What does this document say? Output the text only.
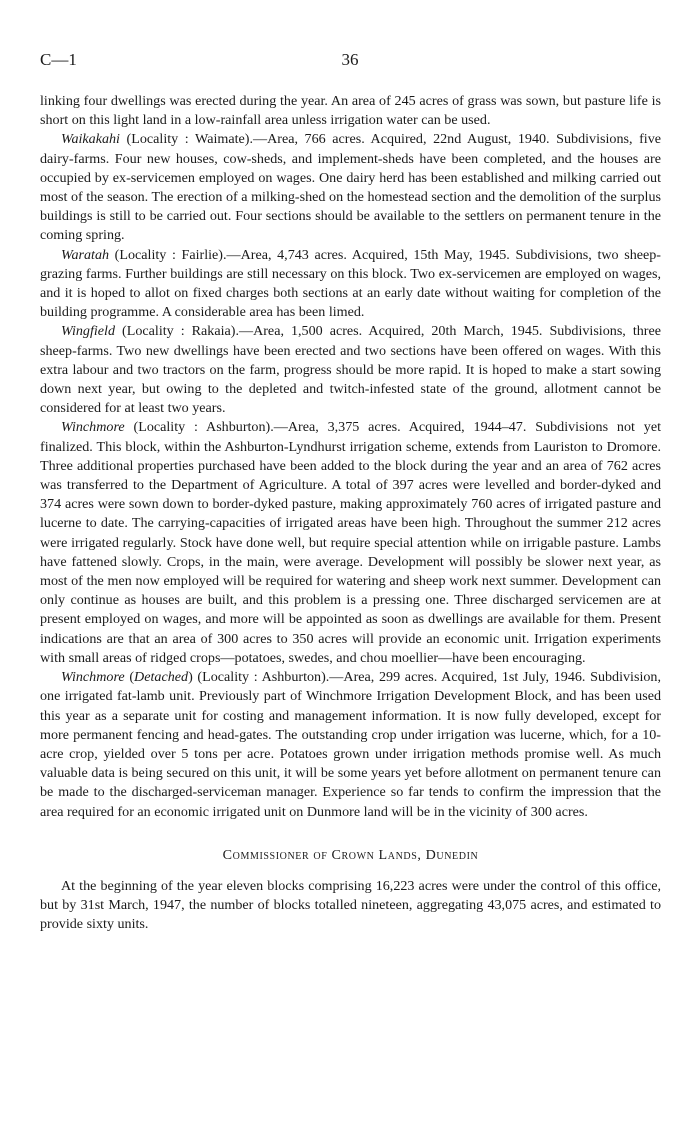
C—1	36

linking four dwellings was erected during the year. An area of 245 acres of grass was sown, but pasture life is short on this light land in a low-rainfall area unless irrigation water can be used.

Waikakahi (Locality : Waimate).—Area, 766 acres. Acquired, 22nd August, 1940. Subdivisions, five dairy-farms. Four new houses, cow-sheds, and implement-sheds have been completed, and the houses are occupied by ex-servicemen employed on wages. One dairy herd has been established and milking carried out most of the season. The erection of a milking-shed on the homestead section and the demolition of the surplus buildings is still to be carried out. Four sections should be available to the settlers on permanent tenure in the coming spring.

Waratah (Locality : Fairlie).—Area, 4,743 acres. Acquired, 15th May, 1945. Subdivisions, two sheep-grazing farms. Further buildings are still necessary on this block. Two ex-servicemen are employed on wages, and it is hoped to allot on fixed charges both sections at an early date without waiting for completion of the building programme. A considerable area has been limed.

Wingfield (Locality : Rakaia).—Area, 1,500 acres. Acquired, 20th March, 1945. Subdivisions, three sheep-farms. Two new dwellings have been erected and two sections have been offered on wages. With this extra labour and two tractors on the farm, progress should be more rapid. It is hoped to make a start sowing down next year, but owing to the depleted and twitch-infested state of the ground, allotment cannot be considered for at least two years.

Winchmore (Locality : Ashburton).—Area, 3,375 acres. Acquired, 1944–47. Subdivisions not yet finalized. This block, within the Ashburton-Lyndhurst irrigation scheme, extends from Lauriston to Dromore. Three additional properties purchased have been added to the block during the year and an area of 762 acres was transferred to the Department of Agriculture. A total of 397 acres were levelled and border-dyked and 374 acres were sown down to border-dyked pasture, making approximately 760 acres of irrigated pasture and lucerne to date. The carrying-capacities of irrigated areas have been high. Throughout the summer 212 acres were irrigated regularly. Stock have done well, but require special attention while on irrigable pasture. Lambs have fattened slowly. Crops, in the main, were average. Development will possibly be slower next year, as most of the men now employed will be required for watering and sheep work next summer. Development can only continue as houses are built, and this problem is a pressing one. Three discharged servicemen are at present employed on wages, and more will be appointed as soon as dwellings are available for them. Present indications are that an area of 300 acres to 350 acres will provide an economic unit. Irrigation experiments with small areas of ridged crops—potatoes, swedes, and chou moellier—have been encouraging.

Winchmore (Detached) (Locality : Ashburton).—Area, 299 acres. Acquired, 1st July, 1946. Subdivision, one irrigated fat-lamb unit. Previously part of Winchmore Irrigation Development Block, and has been used this year as a separate unit for costing and management information. It is now fully developed, except for more permanent fencing and head-gates. The outstanding crop under irrigation was lucerne, which, for a 10-acre crop, yielded over 5 tons per acre. Potatoes grown under irrigation methods promise well. As much valuable data is being secured on this unit, it will be some years yet before allotment on permanent tenure can be made to the discharged-serviceman manager. Experience so far tends to confirm the impression that the area required for an economic irrigated unit on Dunmore land will be in the vicinity of 300 acres.

Commissioner of Crown Lands, Dunedin

At the beginning of the year eleven blocks comprising 16,223 acres were under the control of this office, but by 31st March, 1947, the number of blocks totalled nineteen, aggregating 43,075 acres, and estimated to provide sixty units.
